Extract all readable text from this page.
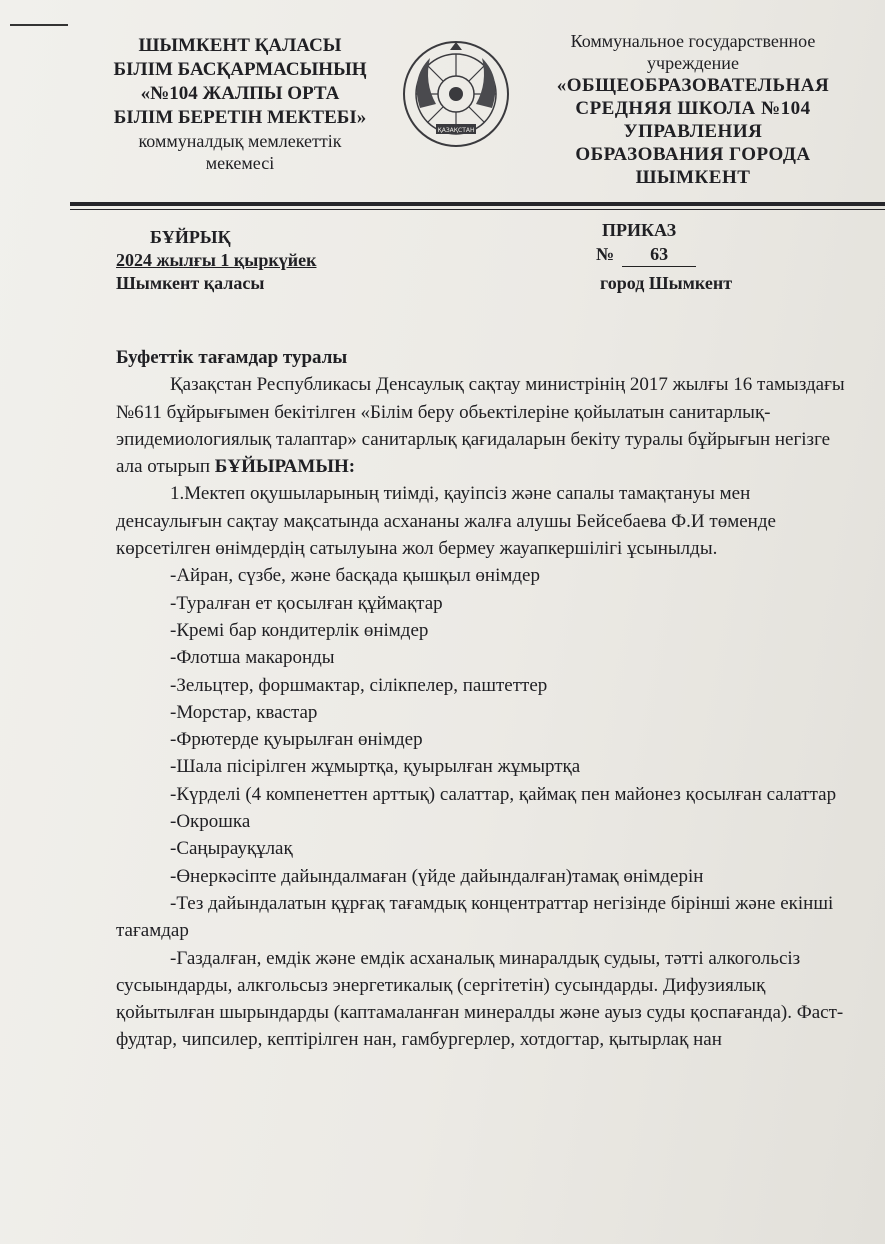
ШЫМКЕНТ ҚАЛАСЫ
БІЛІМ БАСҚАРМАСЫНЫҢ
«№104 ЖАЛПЫ ОРТА
БІЛІМ БЕРЕТІН МЕКТЕБІ»
коммуналдық мемлекеттік
мекемесі
ҚАЗАҚСТАН
Коммунальное государственное
учреждение
«ОБЩЕОБРАЗОВАТЕЛЬНАЯ
СРЕДНЯЯ ШКОЛА №104
УПРАВЛЕНИЯ
ОБРАЗОВАНИЯ ГОРОДА
ШЫМКЕНТ
БҰЙРЫҚ
2024 жылғы 1 қыркүйек
Шымкент қаласы
ПРИКАЗ
№ 63
город Шымкент
Буфеттік тағамдар туралы
Қазақстан Республикасы Денсаулық сақтау министрінің 2017 жылғы 16 тамыздағы №611 бұйрығымен бекітілген «Білім беру обьектілеріне қойылатын санитарлық-эпидемиологиялық талаптар» санитарлық қағидаларын бекіту туралы бұйрығын негізге ала отырып БҰЙЫРАМЫН:
1.Мектеп оқушыларының тиімді, қауіпсіз және сапалы тамақтануы мен денсаулығын сақтау мақсатында асхананы жалға алушы Бейсебаева Ф.И төменде көрсетілген өнімдердің сатылуына жол бермеу жауапкершілігі ұсынылды.
-Айран, сүзбе, және басқада қышқыл өнімдер
-Туралған ет қосылған құймақтар
-Кремі бар кондитерлік өнімдер
-Флотша макаронды
-Зельцтер, форшмактар, сілікпелер, паштеттер
-Морстар, квастар
-Фрютерде қуырылған өнімдер
-Шала пісірілген жұмыртқа, қуырылған жұмыртқа
-Күрделі (4 компенеттен арттық) салаттар, қаймақ пен майонез қосылған салаттар
-Окрошка
-Саңырауқұлақ
-Өнеркәсіпте дайындалмаған (үйде дайындалған)тамақ өнімдерін
-Тез дайындалатын құрғақ тағамдық концентраттар негізінде бірінші және екінші тағамдар
-Газдалған, емдік және емдік асханалық минаралдық судыы, тәтті алкогольсіз сусыындарды, алкгольсыз энергетикалық (сергітетін) сусындарды. Дифузиялық қойытылған шырындарды (каптамаланған минералды және ауыз суды қоспағанда). Фаст-фудтар, чипсилер, кептірілген нан, гамбургерлер, хотдогтар, қытырлақ нан
